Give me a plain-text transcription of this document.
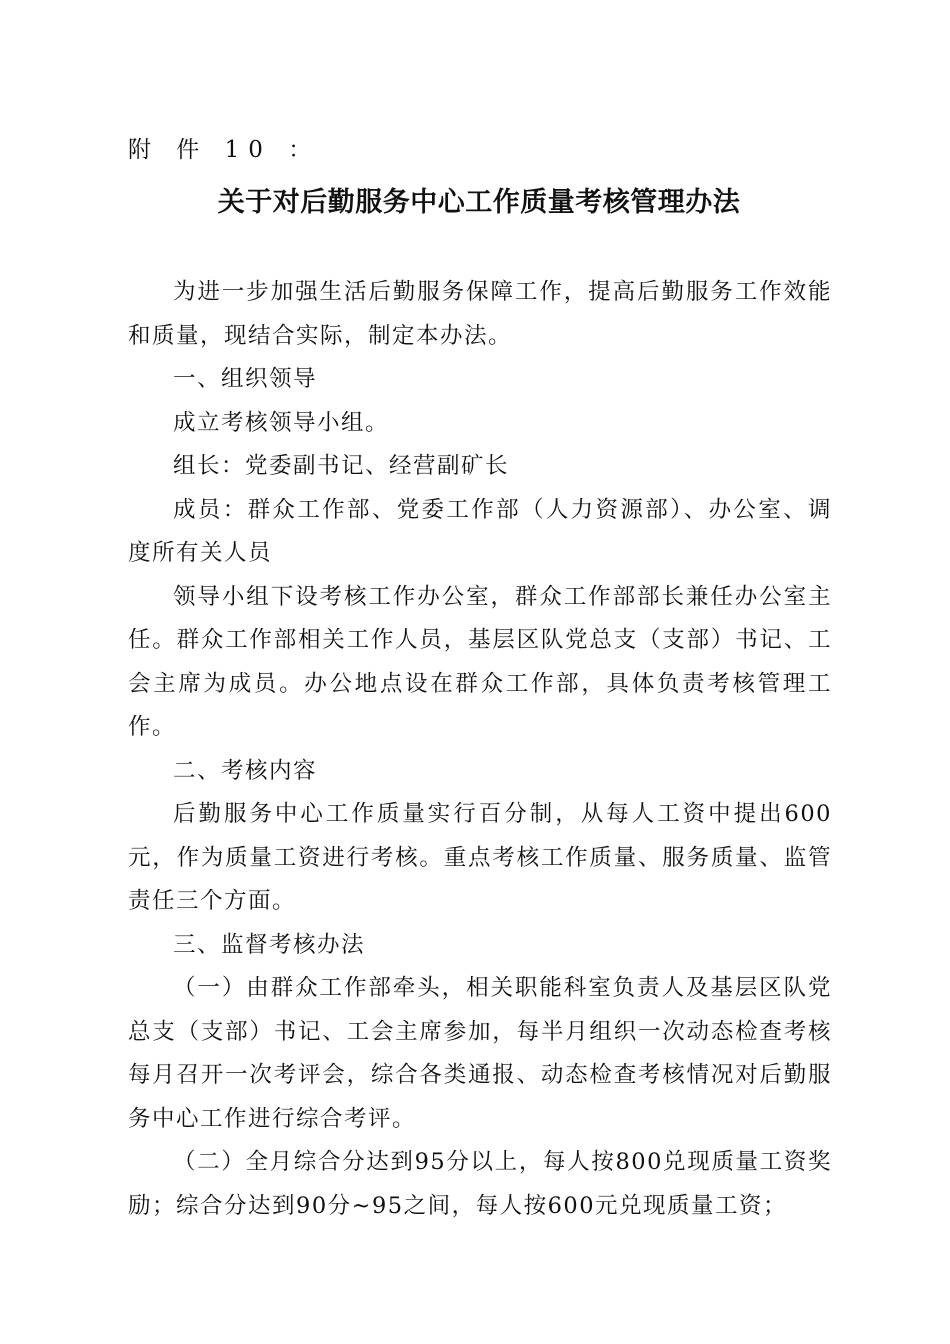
附 件 10 ：
关于对后勤服务中心工作质量考核管理办法

为进一步加强生活后勤服务保障工作，提高后勤服务工作效能和质量，现结合实际，制定本办法。

一、组织领导

成立考核领导小组。

组长：党委副书记、经营副矿长

成员：群众工作部、党委工作部（人力资源部）、办公室、调度所有关人员

领导小组下设考核工作办公室，群众工作部部长兼任办公室主任。群众工作部相关工作人员，基层区队党总支（支部）书记、工会主席为成员。办公地点设在群众工作部，具体负责考核管理工作。

二、考核内容

后勤服务中心工作质量实行百分制，从每人工资中提出600元，作为质量工资进行考核。重点考核工作质量、服务质量、监管责任三个方面。

三、监督考核办法

（一）由群众工作部牵头，相关职能科室负责人及基层区队党总支（支部）书记、工会主席参加，每半月组织一次动态检查考核每月召开一次考评会，综合各类通报、动态检查考核情况对后勤服务中心工作进行综合考评。

（二）全月综合分达到95分以上，每人按800兑现质量工资奖励；综合分达到90分~95之间，每人按600元兑现质量工资；
